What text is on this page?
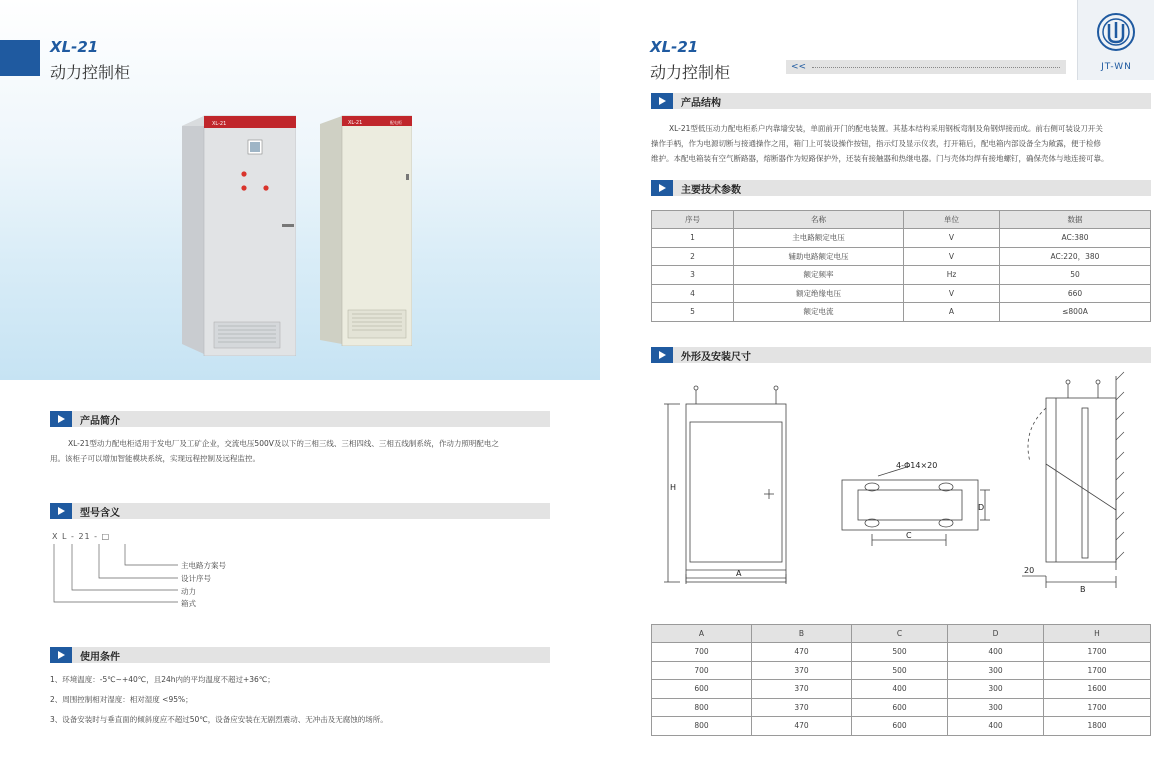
XL-21
动力控制柜
XL-21	XL-21	配电柜
产品简介
XL-21型动力配电柜适用于发电厂及工矿企业，交流电压500V及以下的三相三线、三相四线、三相五线制系统，作动力照明配电之
用。该柜子可以增加智能模块系统，实现远程控制及远程监控。
型号含义
X L - 21 - □
主电路方案号
设计序号
动力
箱式
使用条件
1、环境温度：-5℃~+40℃，且24h内的平均温度不超过+36℃；
2、周围控制相对湿度：相对湿度 <95%；
3、设备安装时与垂直面的倾斜度应不超过50℃，设备应安装在无剧烈震动、无冲击及无腐蚀的场所。
JT-WN
XL-21
动力控制柜	<<
产品结构
XL-21型低压动力配电柜系户内靠墙安装，单面前开门的配电装置。其基本结构采用钢板弯制及角钢焊接而成。前右侧可装设刀开关
操作手柄，作为电源切断与接通操作之用，箱门上可装设操作按钮，指示灯及显示仪表，打开箱后，配电箱内部设备全为敞露，便于检修
维护。本配电箱装有空气断路器，熔断器作为短路保护外，还装有接触器和热继电器。门与壳体均焊有接地螺钉，确保壳体与地连接可靠。
主要技术参数
序号	名称	单位	数据
1	主电路额定电压	V	AC:380
2	辅助电路额定电压	V	AC:220，380
3	额定频率	Hz	50
4	额定绝缘电压	V	660
5	额定电流	A	≤800A
外形及安装尺寸
H
A
4-Φ14×20
C
D
B
20
A	B	C	D	H
700	470	500	400	1700
700	370	500	300	1700
600	370	400	300	1600
800	370	600	300	1700
800	470	600	400	1800
